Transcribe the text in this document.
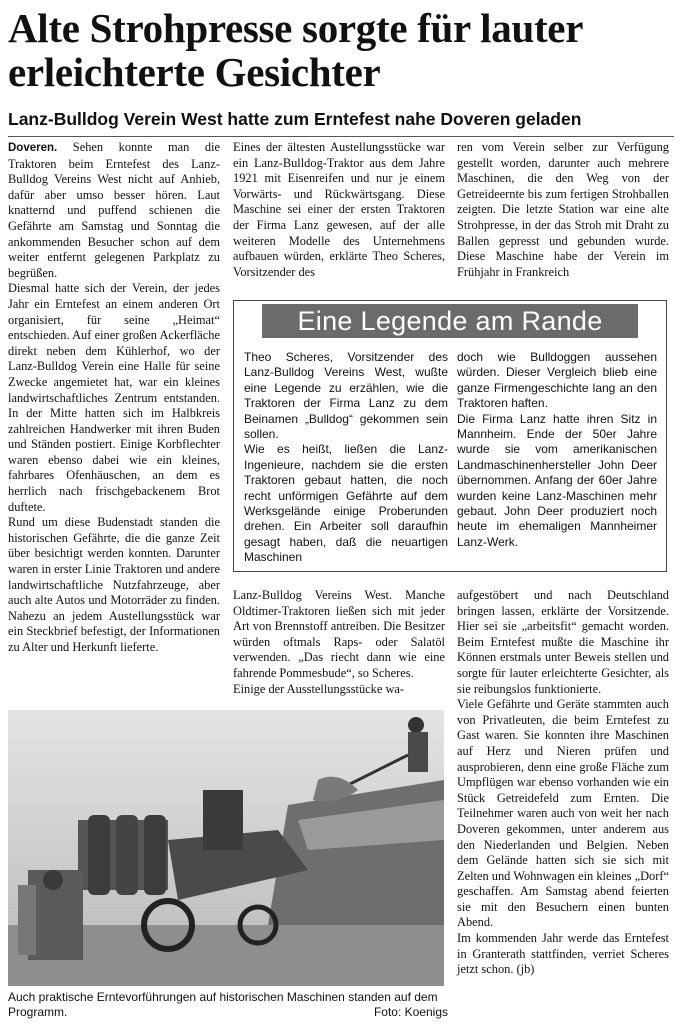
Alte Strohpresse sorgte für lauter erleichterte Gesichter
Lanz-Bulldog Verein West hatte zum Erntefest nahe Doveren geladen

Doveren. Sehen konnte man die Traktoren beim Erntefest des Lanz-Bulldog Vereins West nicht auf Anhieb, dafür aber umso besser hören. Laut knatternd und puffend schienen die Gefährte am Samstag und Sonntag die ankommenden Besucher schon auf dem weiter entfernt gelegenen Parkplatz zu begrüßen.

Diesmal hatte sich der Verein, der jedes Jahr ein Erntefest an einem anderen Ort organisiert, für seine „Heimat“ entschieden. Auf einer großen Ackerfläche direkt neben dem Kühlerhof, wo der Lanz-Bulldog Verein eine Halle für seine Zwecke angemietet hat, war ein kleines landwirtschaftliches Zentrum entstanden. In der Mitte hatten sich im Halbkreis zahlreichen Handwerker mit ihren Buden und Ständen postiert. Einige Korbflechter waren ebenso dabei wie ein kleines, fahrbares Ofenhäuschen, an dem es herrlich nach frischgebackenem Brot duftete.

Rund um diese Budenstadt standen die historischen Gefährte, die die ganze Zeit über besichtigt werden konnten. Darunter waren in erster Linie Traktoren und andere landwirtschaftliche Nutzfahrzeuge, aber auch alte Autos und Motorräder zu finden. Nahezu an jedem Austellungsstück war ein Steckbrief befestigt, der Informationen zu Alter und Herkunft lieferte.

Eines der ältesten Austellungsstücke war ein Lanz-Bulldog-Traktor aus dem Jahre 1921 mit Eisenreifen und nur je einem Vorwärts- und Rückwärtsgang. Diese Maschine sei einer der ersten Traktoren der Firma Lanz gewesen, auf der alle weiteren Modelle des Unternehmens aufbauen würden, erklärte Theo Scheres, Vorsitzender des

ren vom Verein selber zur Verfügung gestellt worden, darunter auch mehrere Maschinen, die den Weg von der Getreideernte bis zum fertigen Strohballen zeigten. Die letzte Station war eine alte Strohpresse, in der das Stroh mit Draht zu Ballen gepresst und gebunden wurde. Diese Maschine habe der Verein im Frühjahr in Frankreich

Eine Legende am Rande

Theo Scheres, Vorsitzender des Lanz-Bulldog Vereins West, wußte eine Legende zu erzählen, wie die Traktoren der Firma Lanz zu dem Beinamen „Bulldog“ gekommen sein sollen.

Wie es heißt, ließen die Lanz-Ingenieure, nachdem sie die ersten Traktoren gebaut hatten, die noch recht unförmigen Gefährte auf dem Werksgelände einige Proberunden drehen. Ein Arbeiter soll daraufhin gesagt haben, daß die neuartigen Maschinen

doch wie Bulldoggen aussehen würden. Dieser Vergleich blieb eine ganze Firmengeschichte lang an den Traktoren haften.

Die Firma Lanz hatte ihren Sitz in Mannheim. Ende der 50er Jahre wurde sie vom amerikanischen Landmaschinenhersteller John Deer übernommen. Anfang der 60er Jahre wurden keine Lanz-Maschinen mehr gebaut. John Deer produziert noch heute im ehemaligen Mannheimer Lanz-Werk.

Lanz-Bulldog Vereins West. Manche Oldtimer-Traktoren ließen sich mit jeder Art von Brennstoff antreiben. Die Besitzer würden oftmals Raps- oder Salatöl verwenden. „Das riecht dann wie eine fahrende Pommesbude“, so Scheres.

Einige der Ausstellungsstücke wa-

aufgestöbert und nach Deutschland bringen lassen, erklärte der Vorsitzende. Hier sei sie „arbeitsfit“ gemacht worden. Beim Erntefest mußte die Maschine ihr Können erstmals unter Beweis stellen und sorgte für lauter erleichterte Gesichter, als sie reibungslos funktionierte.

Viele Gefährte und Geräte stammten auch von Privatleuten, die beim Erntefest zu Gast waren. Sie konnten ihre Maschinen auf Herz und Nieren prüfen und ausprobieren, denn eine große Fläche zum Umpflügen war ebenso vorhanden wie ein Stück Getreidefeld zum Ernten. Die Teilnehmer waren auch von weit her nach Doveren gekommen, unter anderem aus den Niederlanden und Belgien. Neben dem Gelände hatten sich sie sich mit Zelten und Wohnwagen ein kleines „Dorf“ geschaffen. Am Samstag abend feierten sie mit den Besuchern einen bunten Abend.

Im kommenden Jahr werde das Erntefest in Granterath stattfinden, verriet Scheres jetzt schon. (jb)

Auch praktische Erntevorführungen auf historischen Maschinen standen auf dem Programm.	Foto: Koenigs
